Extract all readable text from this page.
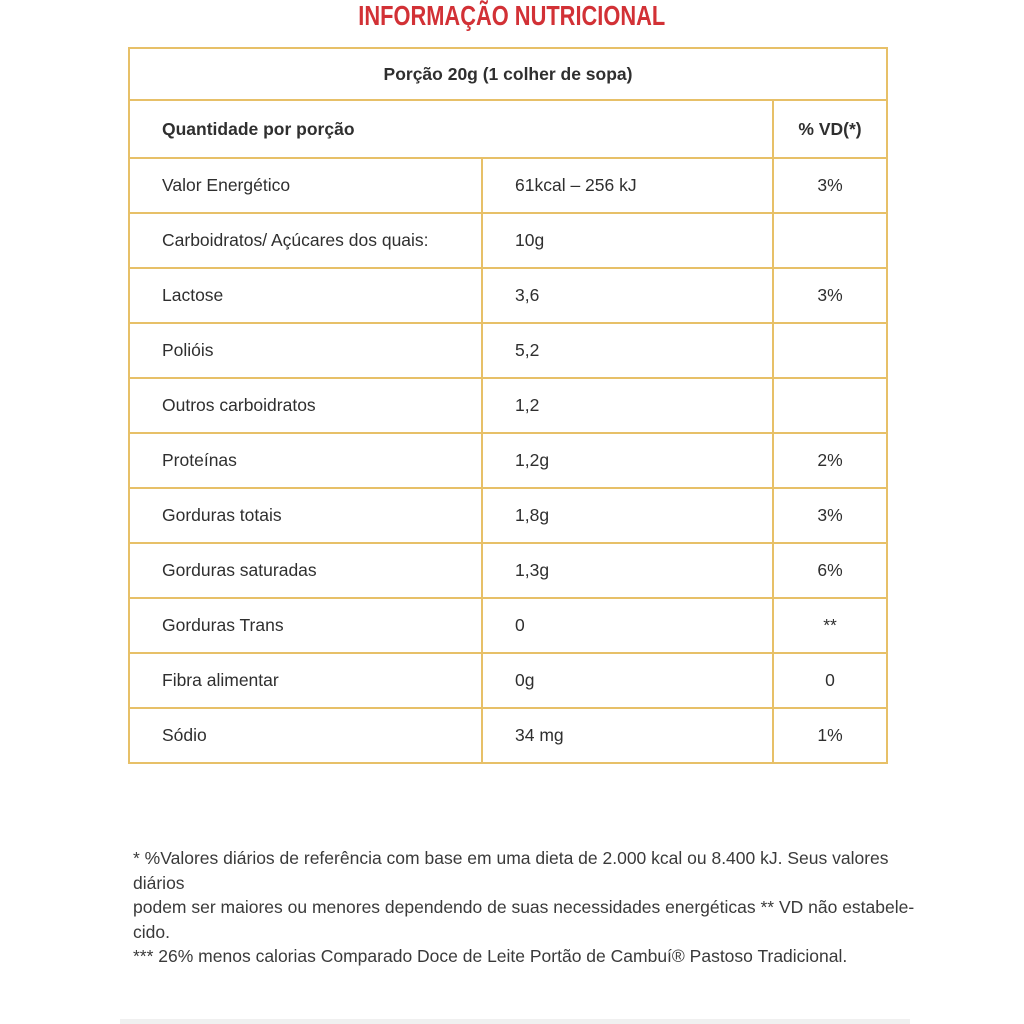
INFORMAÇÃO NUTRICIONAL
Porção 20g (1 colher de sopa)		
Quantidade por porção		% VD(*)
Valor Energético	61kcal – 256 kJ	3%
Carboidratos/ Açúcares dos quais:	10g	
Lactose	3,6	3%
Polióis	5,2	
Outros carboidratos	1,2	
Proteínas	1,2g	2%
Gorduras totais	1,8g	3%
Gorduras saturadas	1,3g	6%
Gorduras Trans	0	**
Fibra alimentar	0g	0
Sódio	34 mg	1%
* %Valores diários de referência com base em uma dieta de 2.000 kcal ou 8.400 kJ. Seus valores
diários
podem ser maiores ou menores dependendo de suas necessidades energéticas ** VD não estabele-
cido.
*** 26% menos calorias Comparado Doce de Leite Portão de Cambuí® Pastoso Tradicional.
